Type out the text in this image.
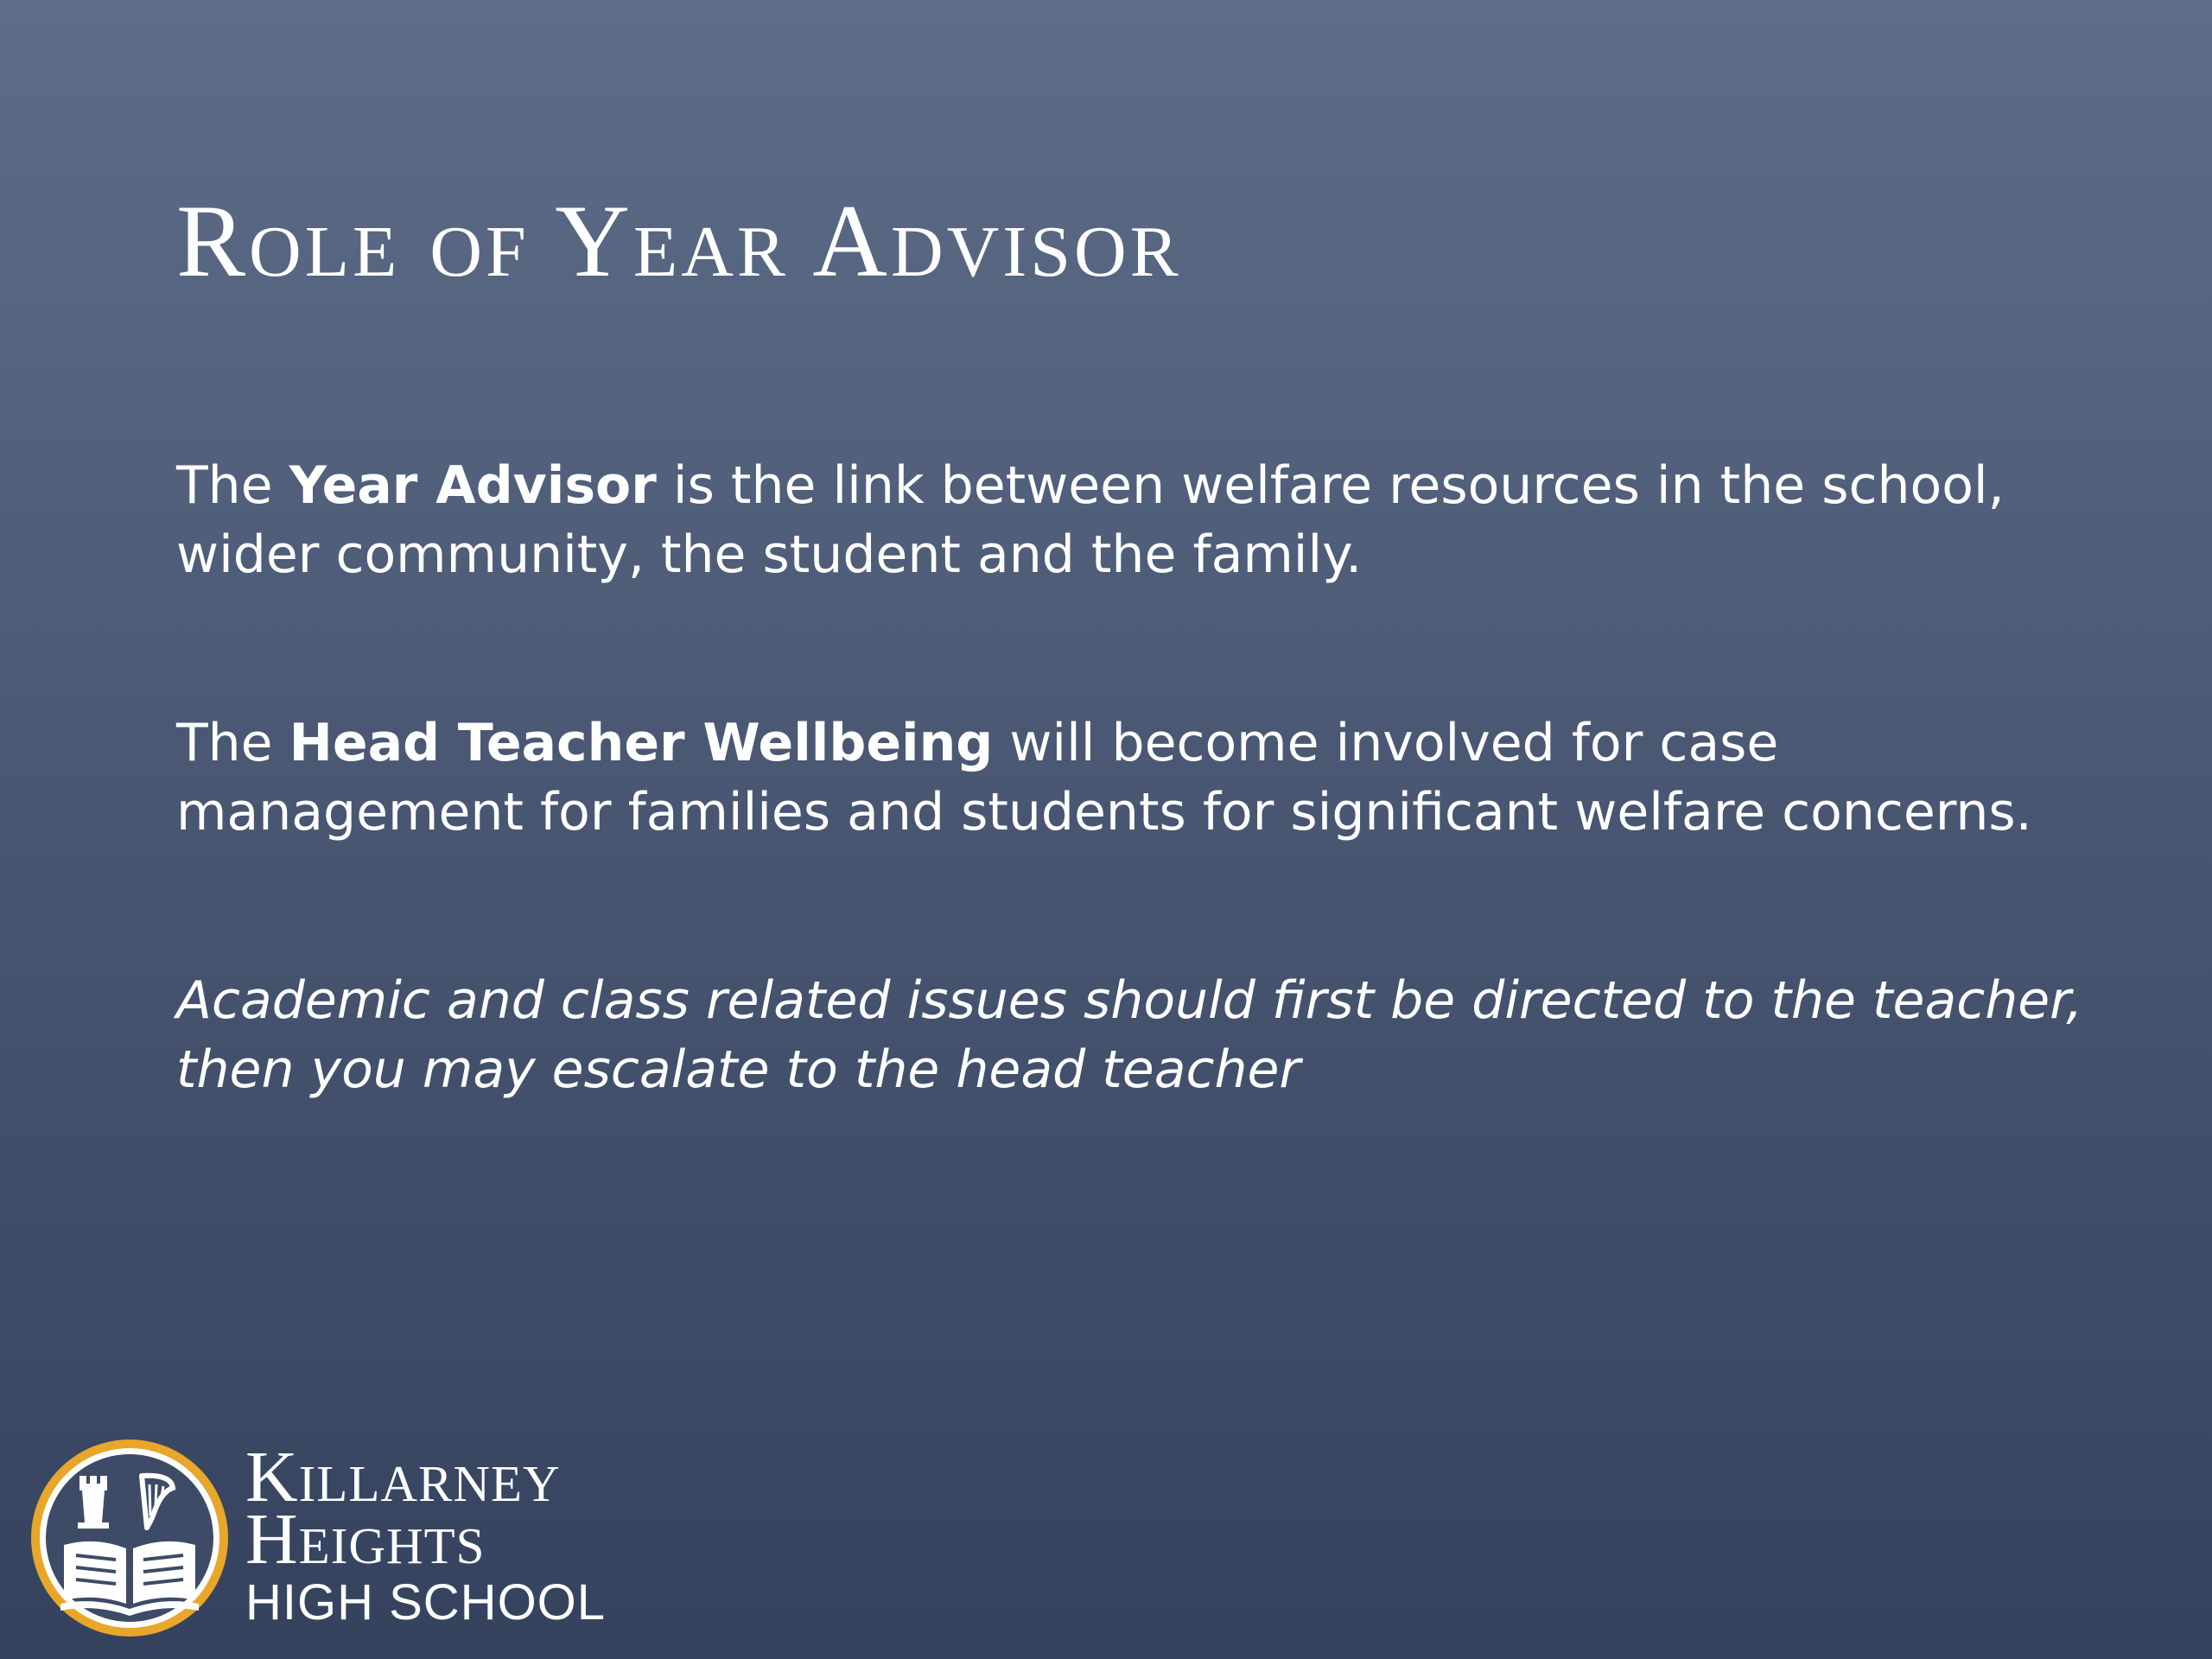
Role of Year Advisor

The Year Advisor is the link between welfare resources in the school, wider community, the student and the family.

The Head Teacher Wellbeing will become involved for case management for families and students for significant welfare concerns.

Academic and class related issues should first be directed to the teacher, then you may escalate to the head teacher

Killarney
Heights
HIGH SCHOOL
